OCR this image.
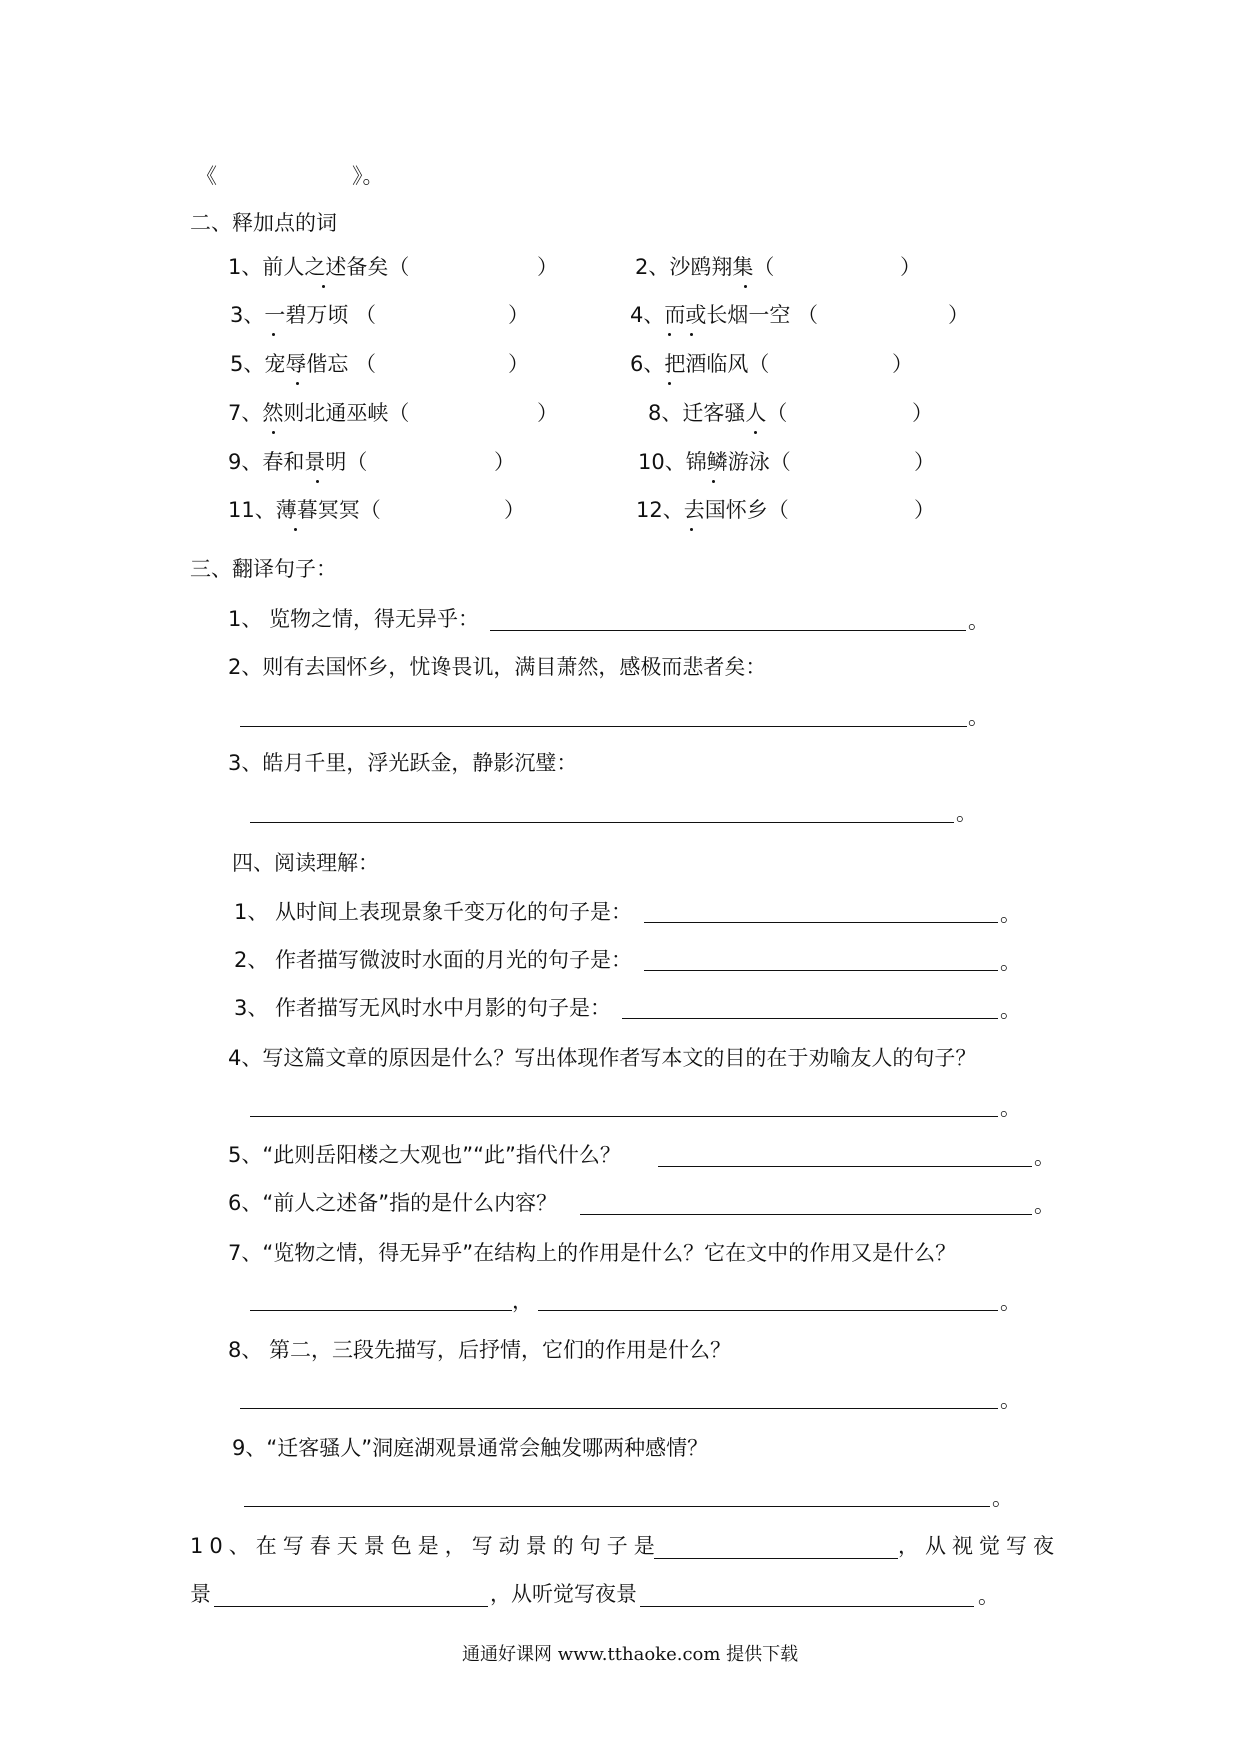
《	》。
二、释加点的词
1、前人之述备矣（	）	2、沙鸥翔集（	）
3、一碧万顷 （	）	4、而或长烟一空 （	）
5、宠辱偕忘 （	）	6、把酒临风（	）
7、然则北通巫峡（	）	8、迁客骚人（	）
9、春和景明（	）	10、锦鳞游泳（	）
11、薄暮冥冥（	）	12、去国怀乡（	）
三、翻译句子：
1、 览物之情，得无异乎：	。
2、则有去国怀乡，忧谗畏讥，满目萧然，感极而悲者矣：
。
3、皓月千里，浮光跃金，静影沉璧：
。
四、阅读理解：
1、 从时间上表现景象千变万化的句子是：	。
2、 作者描写微波时水面的月光的句子是：	。
3、 作者描写无风时水中月影的句子是：	。
4、写这篇文章的原因是什么？写出体现作者写本文的目的在于劝喻友人的句子？
。
5、“此则岳阳楼之大观也”“此”指代什么？	。
6、“前人之述备”指的是什么内容？	。
7、“览物之情，得无异乎”在结构上的作用是什么？它在文中的作用又是什么？
，	。
8、 第二，三段先描写，后抒情，它们的作用是什么？
。
9、“迁客骚人”洞庭湖观景通常会触发哪两种感情？
。
10、在写春天景色是，写动景的句子是	，从视觉写夜
景	，从听觉写夜景	。
通通好课网 www.tthaoke.com 提供下载
